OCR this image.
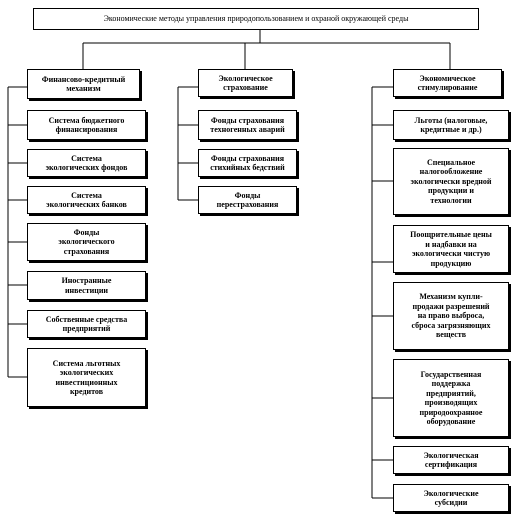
Экономические методы управления природопользованием и охраной окружающей среды
Финансово-кредитный
механизм
Система бюджетного
финансирования
Система
экологических фондов
Система
экологических банков
Фонды
экологического
страхования
Иностранные
инвестиции
Собственные средства
предприятий
Система льготных
экологических
инвестиционных
кредитов
Экологическое
страхование
Фонды страхования
техногенных аварий
Фонды страхования
стихийных бедствий
Фонды
перестрахования
Экономическое
стимулирование
Льготы (налоговые,
кредитные и др.)
Специальное
налогообложение
экологически вредной
продукции и
технологии
Поощрительные цены
и надбавки на
экологически чистую
продукцию
Механизм купли-
продажи разрешений
на право выброса,
сброса загрязняющих
веществ
Государственная
поддержка
предприятий,
производящих
природоохранное
оборудование
Экологическая
сертификация
Экологические
субсидии
